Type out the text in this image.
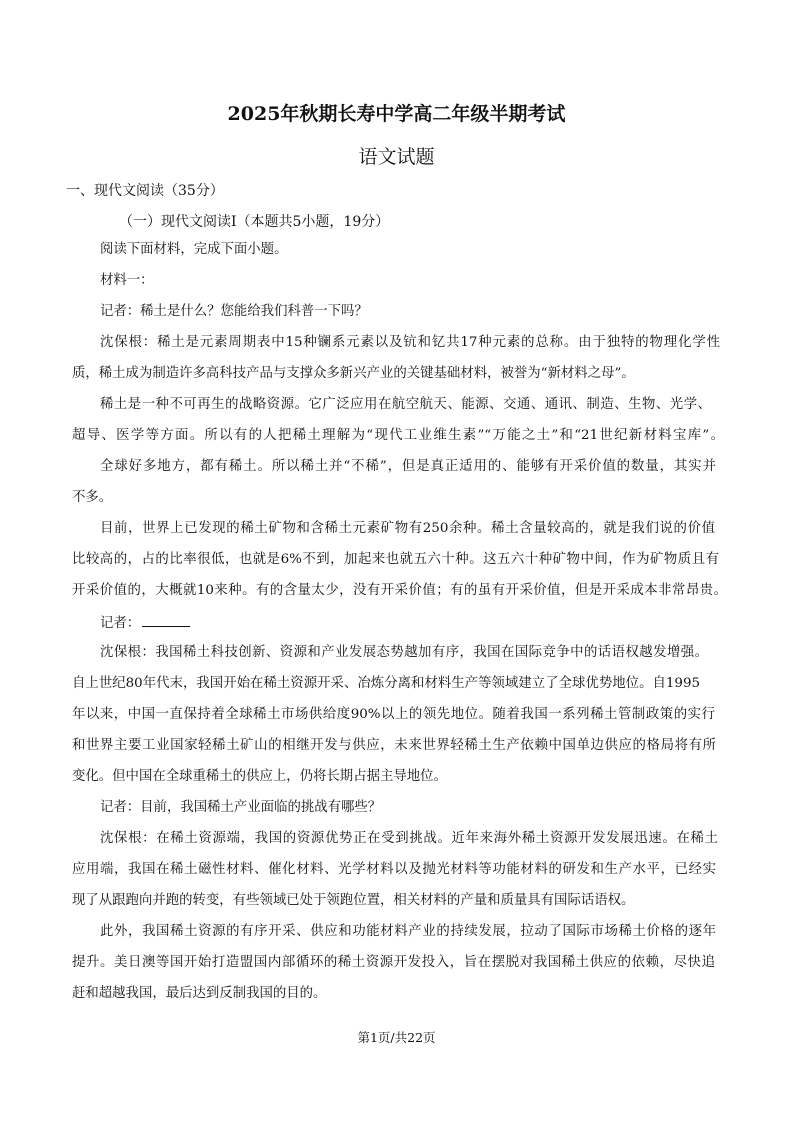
2025年秋期长寿中学高二年级半期考试
语文试题
一、现代文阅读（35分）
（一）现代文阅读Ⅰ（本题共5小题，19分）
阅读下面材料，完成下面小题。
材料一：
记者：稀土是什么？您能给我们科普一下吗？
沈保根：稀土是元素周期表中15种镧系元素以及钪和钇共17种元素的总称。由于独特的物理化学性
质，稀土成为制造许多高科技产品与支撑众多新兴产业的关键基础材料，被誉为“新材料之母”。
稀土是一种不可再生的战略资源。它广泛应用在航空航天、能源、交通、通讯、制造、生物、光学、
超导、医学等方面。所以有的人把稀土理解为“现代工业维生素”“万能之土”和“21世纪新材料宝库”。
全球好多地方，都有稀土。所以稀土并“不稀”，但是真正适用的、能够有开采价值的数量，其实并
不多。
目前，世界上已发现的稀土矿物和含稀土元素矿物有250余种。稀土含量较高的，就是我们说的价值
比较高的，占的比率很低，也就是6%不到，加起来也就五六十种。这五六十种矿物中间，作为矿物质且有
开采价值的，大概就10来种。有的含量太少，没有开采价值；有的虽有开采价值，但是开采成本非常昂贵。
记者：
沈保根：我国稀土科技创新、资源和产业发展态势越加有序，我国在国际竞争中的话语权越发增强。
自上世纪80年代末，我国开始在稀土资源开采、冶炼分离和材料生产等领域建立了全球优势地位。自1995
年以来，中国一直保持着全球稀土市场供给度90%以上的领先地位。随着我国一系列稀土管制政策的实行
和世界主要工业国家轻稀土矿山的相继开发与供应，未来世界轻稀土生产依赖中国单边供应的格局将有所
变化。但中国在全球重稀土的供应上，仍将长期占据主导地位。
记者：目前，我国稀土产业面临的挑战有哪些？
沈保根：在稀土资源端，我国的资源优势正在受到挑战。近年来海外稀土资源开发发展迅速。在稀土
应用端，我国在稀土磁性材料、催化材料、光学材料以及抛光材料等功能材料的研发和生产水平，已经实
现了从跟跑向并跑的转变，有些领域已处于领跑位置，相关材料的产量和质量具有国际话语权。
此外，我国稀土资源的有序开采、供应和功能材料产业的持续发展，拉动了国际市场稀土价格的逐年
提升。美日澳等国开始打造盟国内部循环的稀土资源开发投入，旨在摆脱对我国稀土供应的依赖，尽快追
赶和超越我国，最后达到反制我国的目的。
第1页/共22页
